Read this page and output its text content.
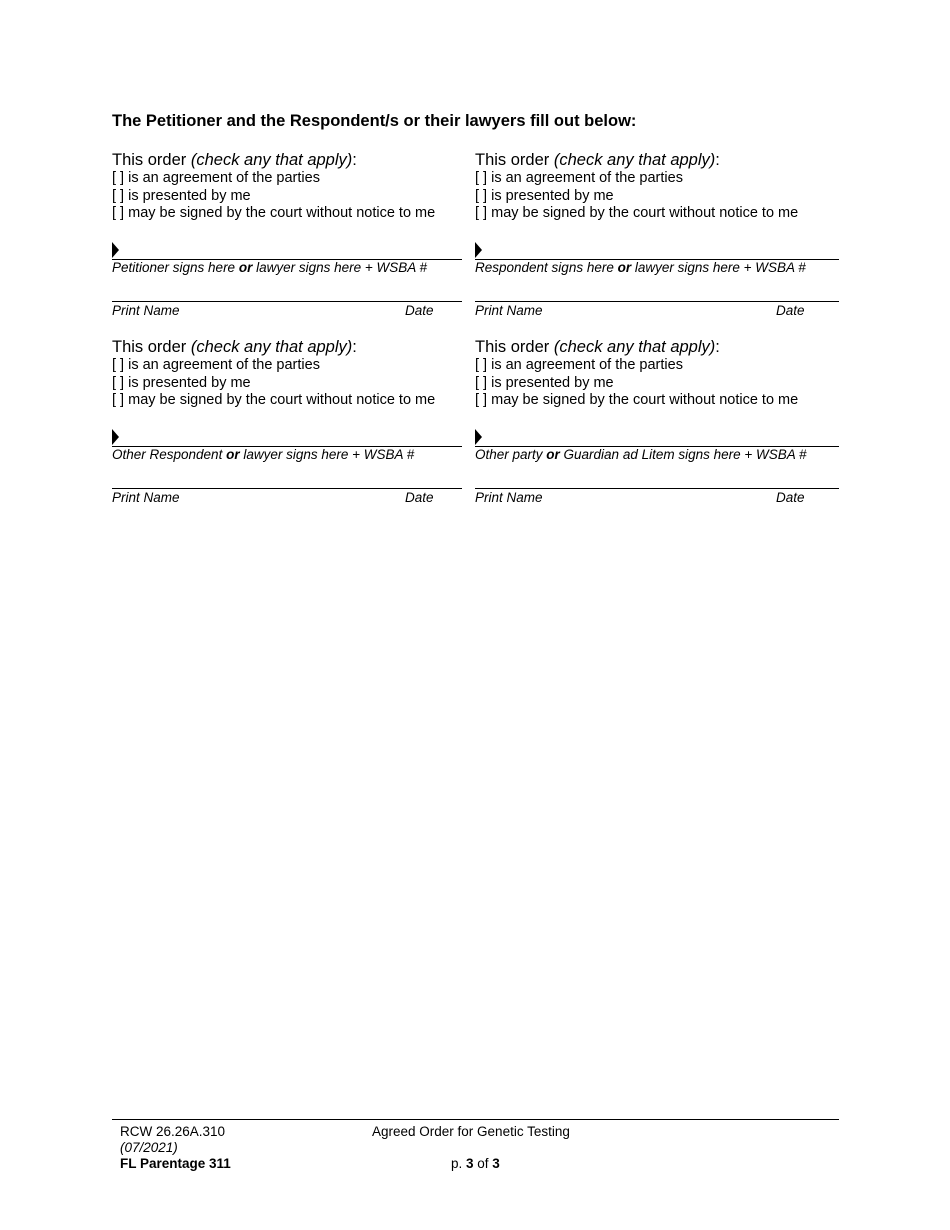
The Petitioner and the Respondent/s or their lawyers fill out below:
This order (check any that apply):
[ ] is an agreement of the parties
[ ] is presented by me
[ ] may be signed by the court without notice to me
Petitioner signs here or lawyer signs here + WSBA #
Print Name	Date
This order (check any that apply):
[ ] is an agreement of the parties
[ ] is presented by me
[ ] may be signed by the court without notice to me
Respondent signs here or lawyer signs here + WSBA #
Print Name	Date
This order (check any that apply):
[ ] is an agreement of the parties
[ ] is presented by me
[ ] may be signed by the court without notice to me
Other Respondent or lawyer signs here + WSBA #
Print Name	Date
This order (check any that apply):
[ ] is an agreement of the parties
[ ] is presented by me
[ ] may be signed by the court without notice to me
Other party or Guardian ad Litem signs here + WSBA #
Print Name	Date
RCW 26.26A.310
(07/2021)
FL Parentage 311
Agreed Order for Genetic Testing
p. 3 of 3
